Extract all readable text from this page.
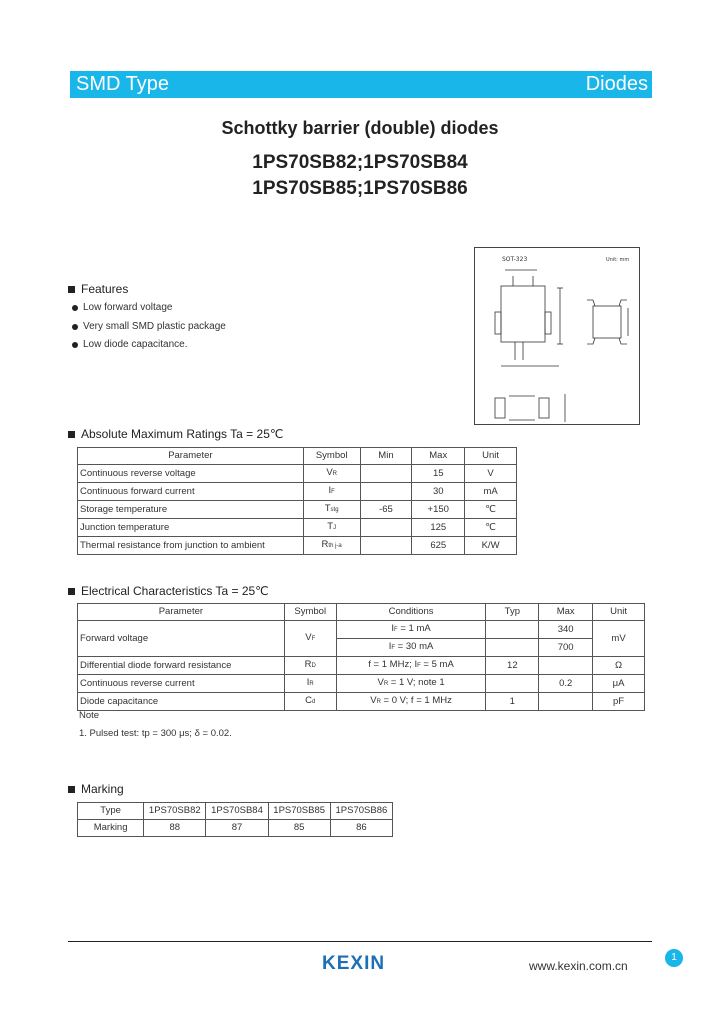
SMD Type	Diodes
Schottky barrier (double) diodes
1PS70SB82;1PS70SB84
1PS70SB85;1PS70SB86
SOT-323	Unit: mm
Features
Low forward voltage
Very small SMD plastic package
Low diode capacitance.
Absolute Maximum Ratings Ta = 25℃
Parameter	Symbol	Min	Max	Unit
Continuous reverse voltage	VR		15	V
Continuous forward current	IF		30	mA
Storage temperature	Tstg	-65	+150	℃
Junction temperature	TJ		125	℃
Thermal resistance from junction to ambient	Rth j-a		625	K/W
Electrical Characteristics Ta = 25℃
Parameter	Symbol	Conditions	Typ	Max	Unit
Forward voltage	VF	IF = 1 mA		340	mV
		IF = 30 mA		700	
Differential diode forward resistance	RD	f = 1 MHz; IF = 5 mA	12		Ω
Continuous reverse current	IR	VR = 1 V; note 1		0.2	μA
Diode capacitance	Cd	VR = 0 V; f = 1 MHz	1		pF
Note
1. Pulsed test: tp = 300 μs; δ = 0.02.
Marking
Type	1PS70SB82	1PS70SB84	1PS70SB85	1PS70SB86
Marking	88	87	85	86
1
KEXIN	www.kexin.com.cn
